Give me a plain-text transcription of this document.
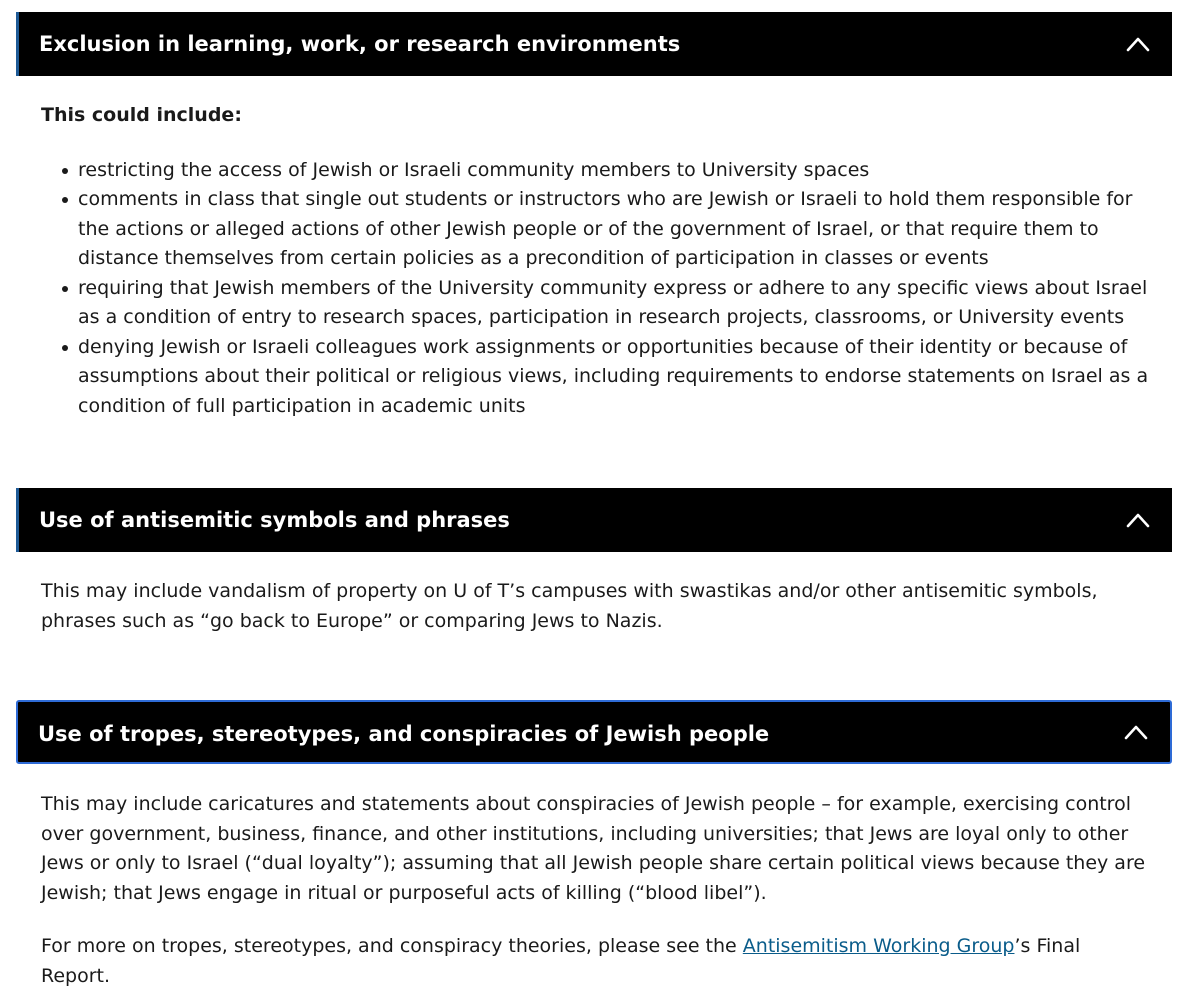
Exclusion in learning, work, or research environments

This could include:

restricting the access of Jewish or Israeli community members to University spaces
comments in class that single out students or instructors who are Jewish or Israeli to hold them responsible for the actions or alleged actions of other Jewish people or of the government of Israel, or that require them to distance themselves from certain policies as a precondition of participation in classes or events
requiring that Jewish members of the University community express or adhere to any specific views about Israel as a condition of entry to research spaces, participation in research projects, classrooms, or University events
denying Jewish or Israeli colleagues work assignments or opportunities because of their identity or because of assumptions about their political or religious views, including requirements to endorse statements on Israel as a condition of full participation in academic units
Use of antisemitic symbols and phrases

This may include vandalism of property on U of T’s campuses with swastikas and/or other antisemitic symbols, phrases such as “go back to Europe” or comparing Jews to Nazis.

Use of tropes, stereotypes, and conspiracies of Jewish people

This may include caricatures and statements about conspiracies of Jewish people – for example, exercising control over government, business, finance, and other institutions, including universities; that Jews are loyal only to other Jews or only to Israel (“dual loyalty”); assuming that all Jewish people share certain political views because they are Jewish; that Jews engage in ritual or purposeful acts of killing (“blood libel”).

For more on tropes, stereotypes, and conspiracy theories, please see the Antisemitism Working Group’s Final Report.
